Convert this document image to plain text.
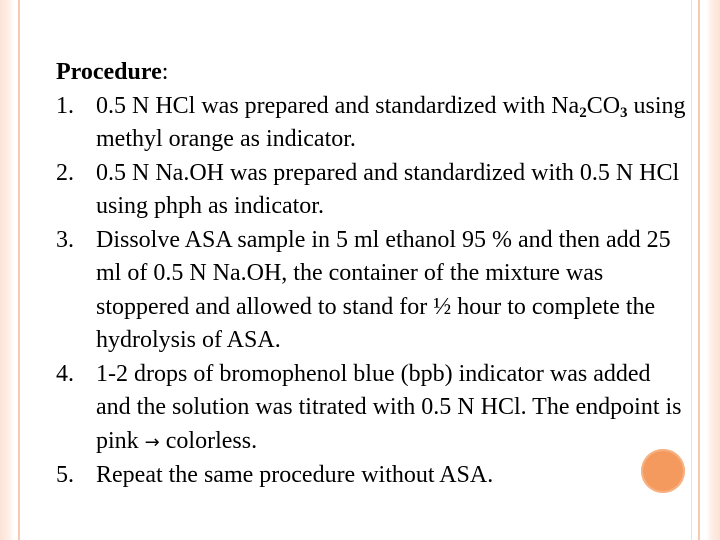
Procedure:

1. 0.5 N HCl was prepared and standardized with $Na_2CO_3$ using methyl orange as indicator.
2. 0.5 N Na.OH was prepared and standardized with 0.5 N HCl using phph as indicator.
3. Dissolve ASA sample in 5 ml ethanol 95 % and then add 25 ml of 0.5 N Na.OH, the container of the mixture was stoppered and allowed to stand for ½ hour to complete the hydrolysis of ASA.
4. 1-2 drops of bromophenol blue (bpb) indicator was added and the solution was titrated with 0.5 N HCl. The endpoint is pink → colorless.
5. Repeat the same procedure without ASA.
